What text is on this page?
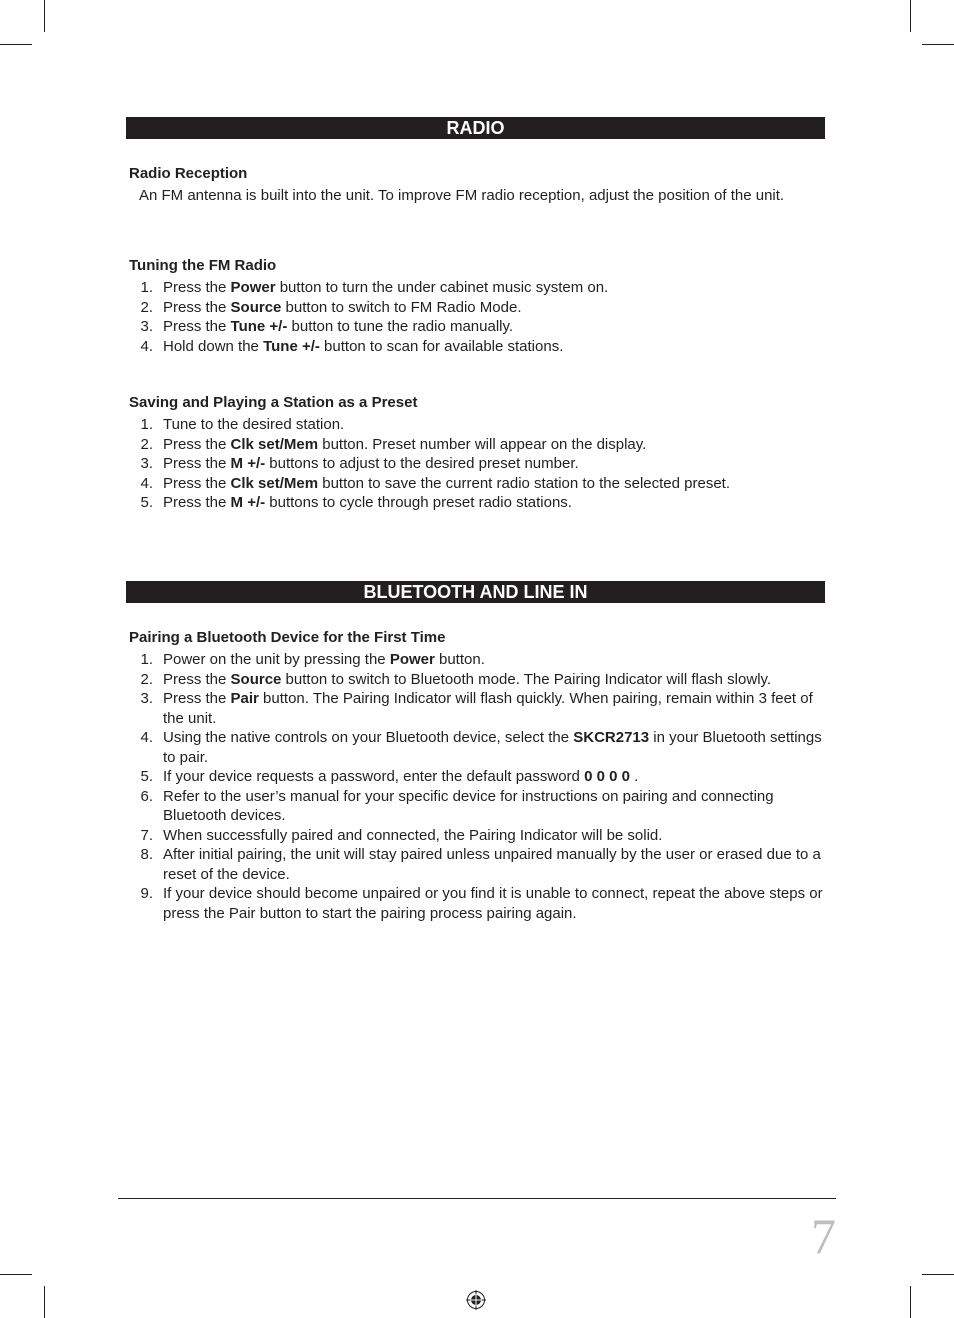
RADIO
Radio Reception
An FM antenna is built into the unit. To improve FM radio reception, adjust the position of the unit.
Tuning the FM Radio
1. Press the Power button to turn the under cabinet music system on.
2. Press the Source button to switch to FM Radio Mode.
3. Press the Tune +/- button to tune the radio manually.
4. Hold down the Tune +/- button to scan for available stations.
Saving and Playing a Station as a Preset
1. Tune to the desired station.
2. Press the Clk set/Mem button. Preset number will appear on the display.
3. Press the M +/- buttons to adjust to the desired preset number.
4. Press the Clk set/Mem button to save the current radio station to the selected preset.
5. Press the M +/- buttons to cycle through preset radio stations.
BLUETOOTH AND LINE IN
Pairing a Bluetooth Device for the First Time
1. Power on the unit by pressing the Power button.
2. Press the Source button to switch to Bluetooth mode. The Pairing Indicator will flash slowly.
3. Press the Pair button. The Pairing Indicator will flash quickly. When pairing, remain within 3 feet of the unit.
4. Using the native controls on your Bluetooth device, select the SKCR2713 in your Bluetooth settings to pair.
5. If your device requests a password, enter the default password 0 0 0 0 .
6. Refer to the user’s manual for your specific device for instructions on pairing and connecting Bluetooth devices.
7. When successfully paired and connected, the Pairing Indicator will be solid.
8. After initial pairing, the unit will stay paired unless unpaired manually by the user or erased due to a reset of the device.
9. If your device should become unpaired or you find it is unable to connect, repeat the above steps or press the Pair button to start the pairing process pairing again.
7
